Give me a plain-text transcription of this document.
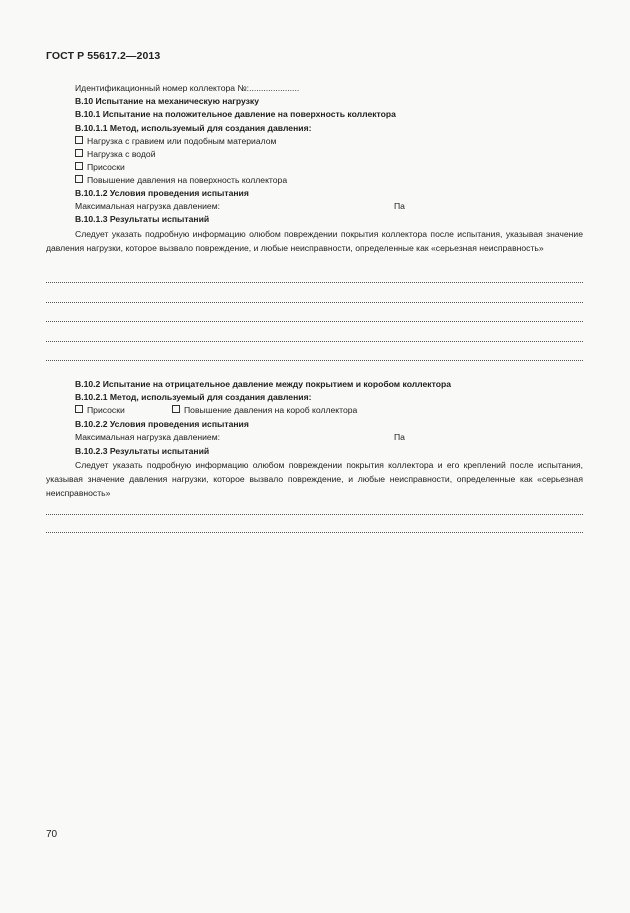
ГОСТ Р 55617.2—2013
Идентификационный номер коллектора №:.....................
В.10 Испытание на механическую нагрузку
В.10.1 Испытание на положительное давление на поверхность коллектора
В.10.1.1 Метод, используемый для создания давления:
Нагрузка с гравием или подобным материалом
Нагрузка с водой
Присоски
Повышение давления на поверхность коллектора
В.10.1.2 Условия проведения испытания
Максимальная нагрузка давлением:	Па
В.10.1.3 Результаты испытаний
Следует указать подробную информацию олюбом повреждении покрытия коллектора после испытания, указывая значение давления нагрузки, которое вызвало повреждение, и любые неисправности, определенные как «серьезная неисправность»
В.10.2 Испытание на отрицательное давление между покрытием и коробом коллектора
В.10.2.1 Метод, используемый для создания давления:
Присоски	Повышение давления на короб коллектора
В.10.2.2 Условия проведения испытания
Максимальная нагрузка давлением:	Па
В.10.2.3 Результаты испытаний
Следует указать подробную информацию олюбом повреждении покрытия коллектора и его креплений после испытания, указывая значение давления нагрузки, которое вызвало повреждение, и любые неисправности, определенные как «серьезная неисправность»
70
